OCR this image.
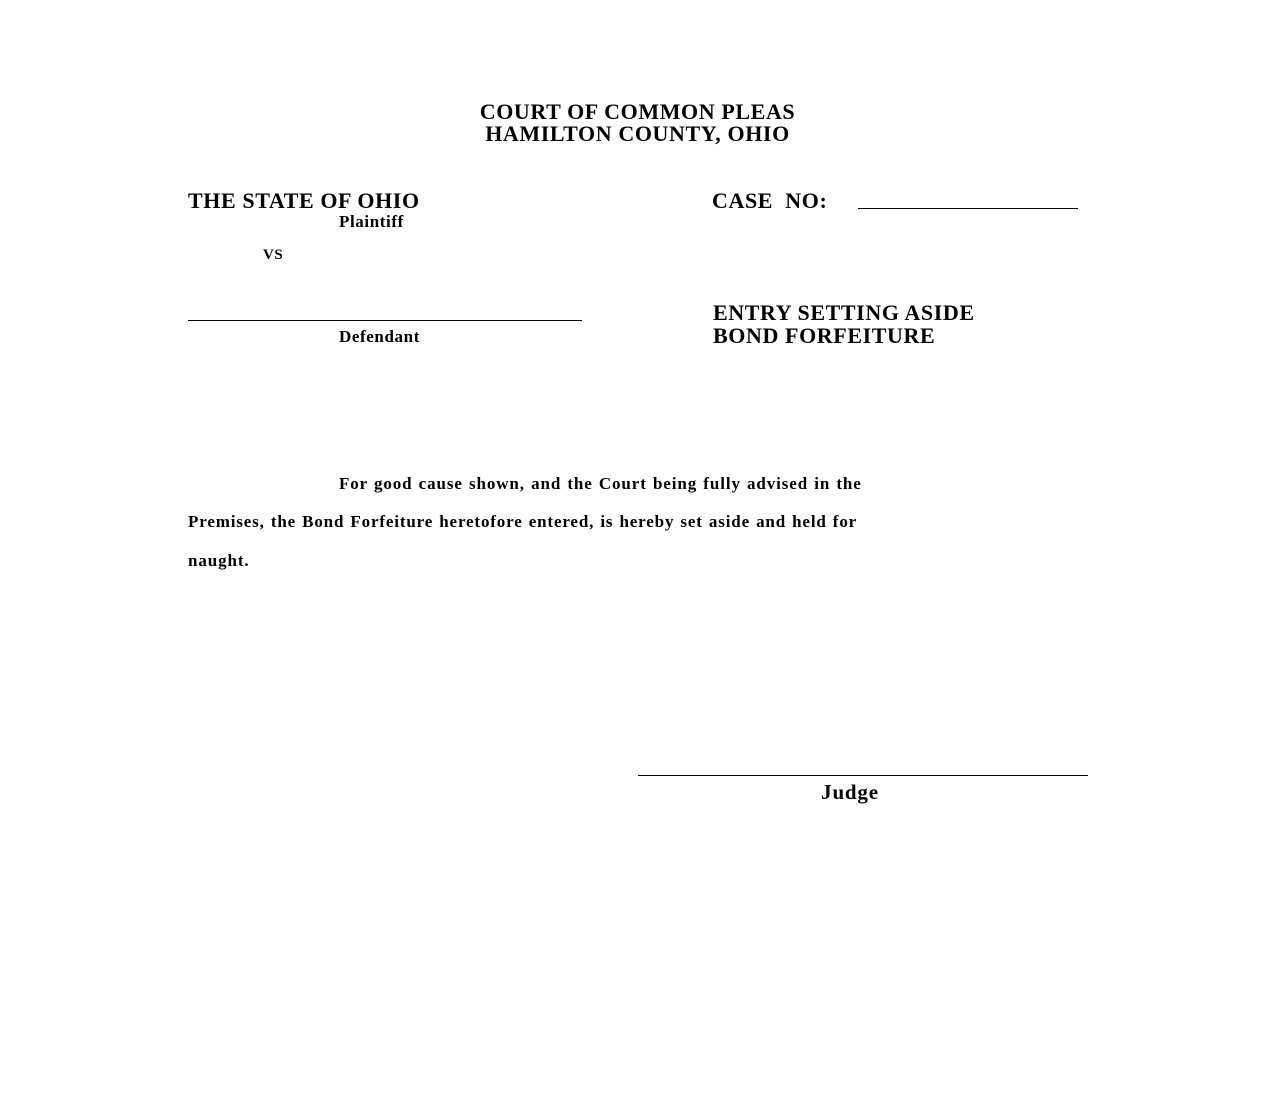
COURT OF COMMON PLEAS
HAMILTON COUNTY, OHIO
THE STATE OF OHIO
Plaintiff
VS
Defendant
CASE  NO:
ENTRY SETTING ASIDE
BOND FORFEITURE
For good cause shown, and the Court being fully advised in the
Premises, the Bond Forfeiture heretofore entered, is hereby set aside and held for
naught.
Judge
